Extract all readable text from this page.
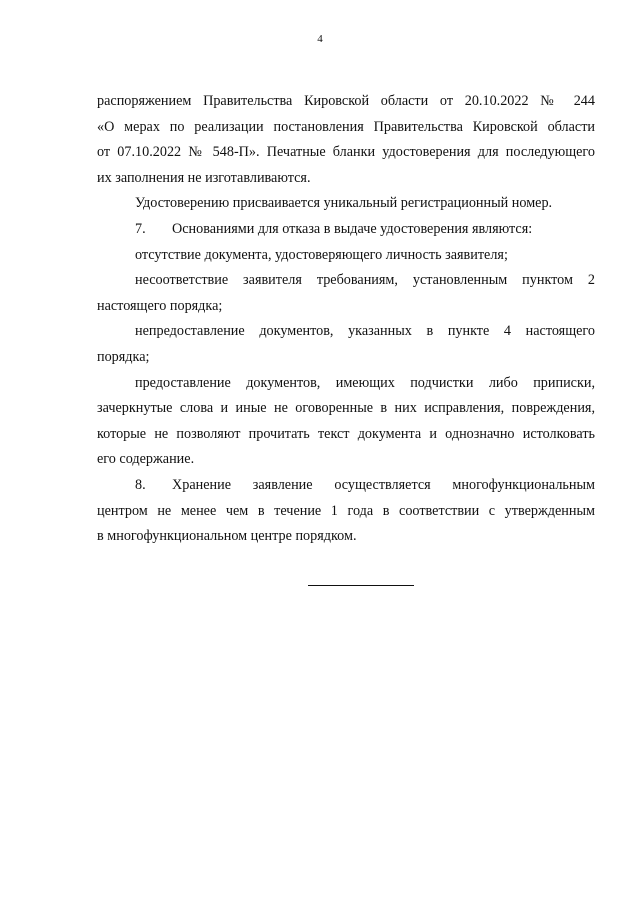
4
распоряжением Правительства Кировской области от 20.10.2022 № 244
«О мерах по реализации постановления Правительства Кировской области
от 07.10.2022 № 548-П». Печатные бланки удостоверения для последующего
их заполнения не изготавливаются.
Удостоверению присваивается уникальный регистрационный номер.
7.	Основаниями для отказа в выдаче удостоверения являются:
отсутствие документа, удостоверяющего личность заявителя;
несоответствие заявителя требованиям, установленным пунктом 2
настоящего порядка;
непредоставление документов, указанных в пункте 4 настоящего
порядка;
предоставление документов, имеющих подчистки либо приписки,
зачеркнутые слова и иные не оговоренные в них исправления, повреждения,
которые не позволяют прочитать текст документа и однозначно истолковать
его содержание.
8.	Хранение заявление осуществляется многофункциональным
центром не менее чем в течение 1 года в соответствии с утвержденным
в многофункциональном центре порядком.
